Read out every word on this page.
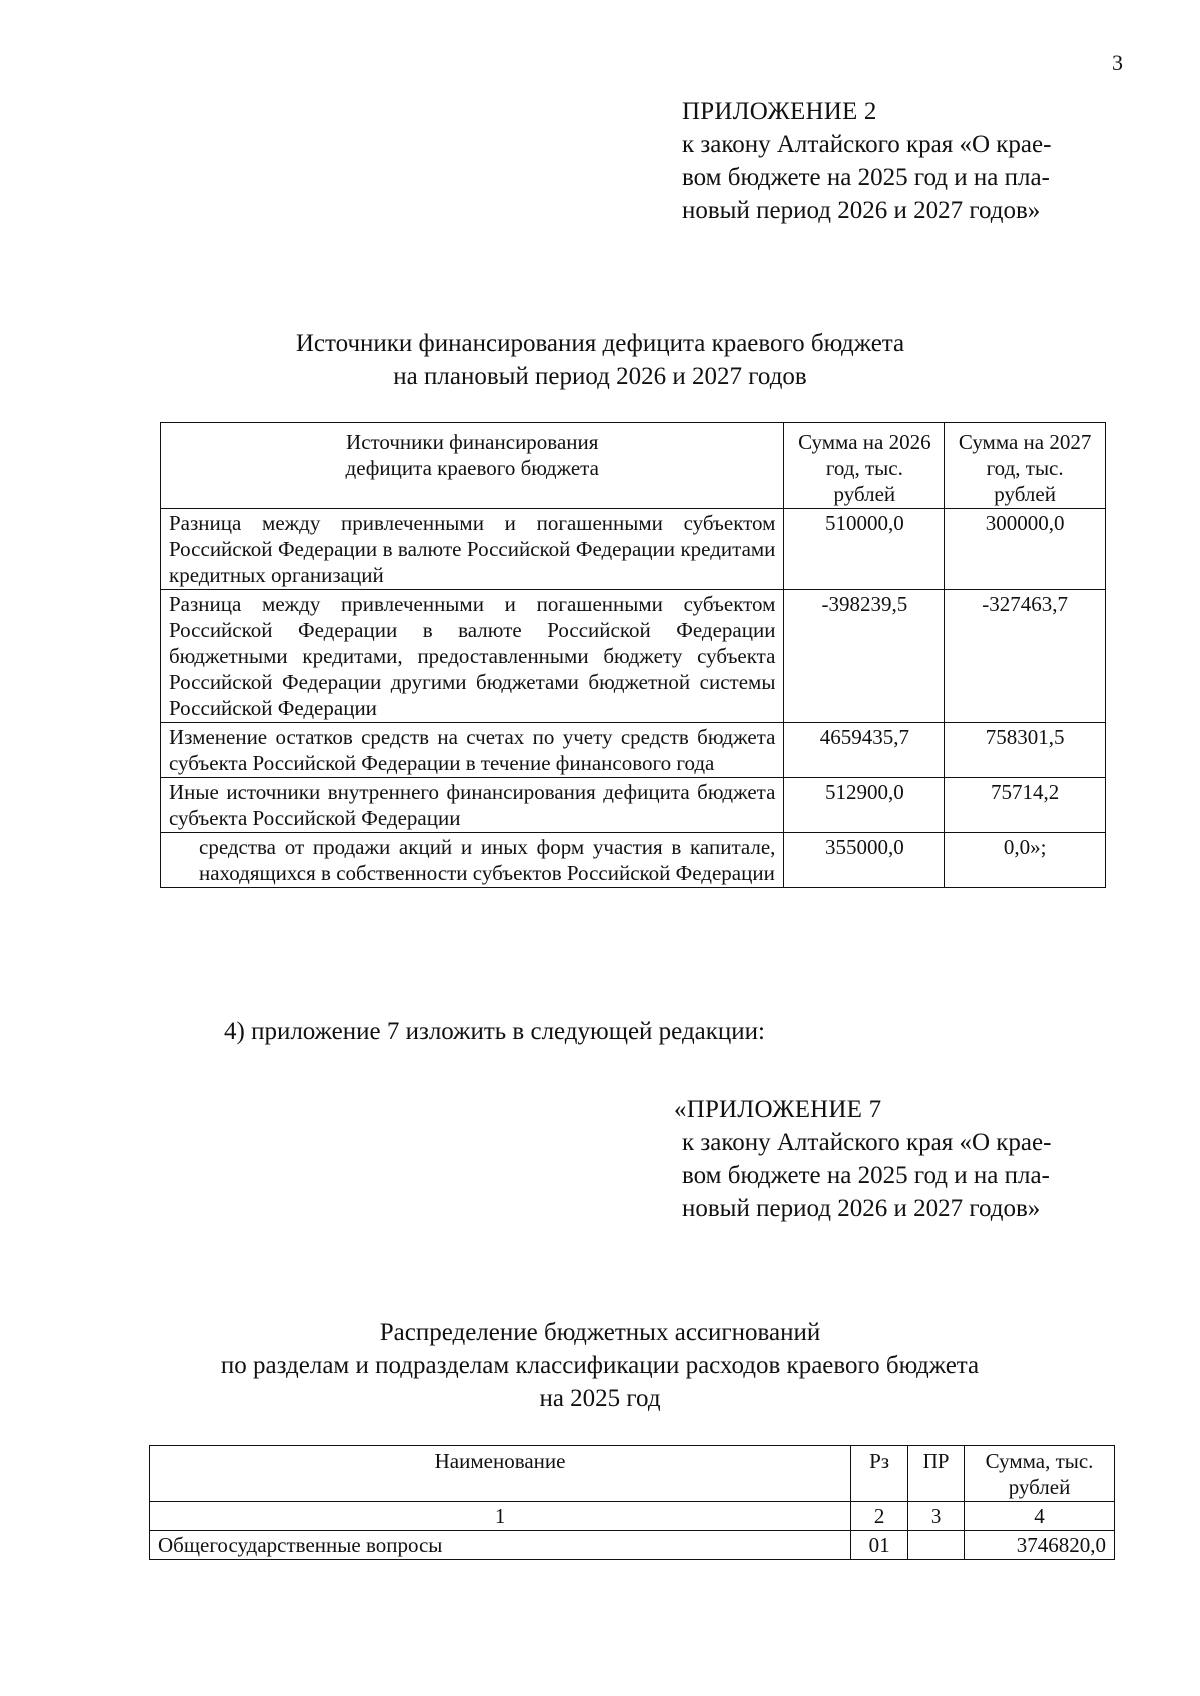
3
ПРИЛОЖЕНИЕ 2
к закону Алтайского края «О крае-
вом бюджете на 2025 год и на пла-
новый период 2026 и 2027 годов»
Источники финансирования дефицита краевого бюджета
на плановый период 2026 и 2027 годов
Источники финансирования дефицита краевого бюджета	Сумма на 2026 год, тыс. рублей	Сумма на 2027 год, тыс. рублей
Разница между привлеченными и погашенными субъектом Российской Федерации в валюте Российской Федерации кредитами кредитных организаций	510000,0	300000,0
Разница между привлеченными и погашенными субъектом Российской Федерации в валюте Российской Федерации бюджетными кредитами, предоставленными бюджету субъекта Российской Федерации другими бюджетами бюджетной системы Российской Федерации	-398239,5	-327463,7
Изменение остатков средств на счетах по учету средств бюджета субъекта Российской Федерации в течение финансового года	4659435,7	758301,5
Иные источники внутреннего финансирования дефицита бюджета субъекта Российской Федерации	512900,0	75714,2
средства от продажи акций и иных форм участия в капитале, находящихся в собственности субъектов Российской Федерации	355000,0	0,0»;
4) приложение 7 изложить в следующей редакции:
«ПРИЛОЖЕНИЕ 7
к закону Алтайского края «О крае-
вом бюджете на 2025 год и на пла-
новый период 2026 и 2027 годов»
Распределение бюджетных ассигнований
по разделам и подразделам классификации расходов краевого бюджета
на 2025 год
Наименование	Рз	ПР	Сумма, тыс. рублей
1	2	3	4
Общегосударственные вопросы	01		3746820,0
